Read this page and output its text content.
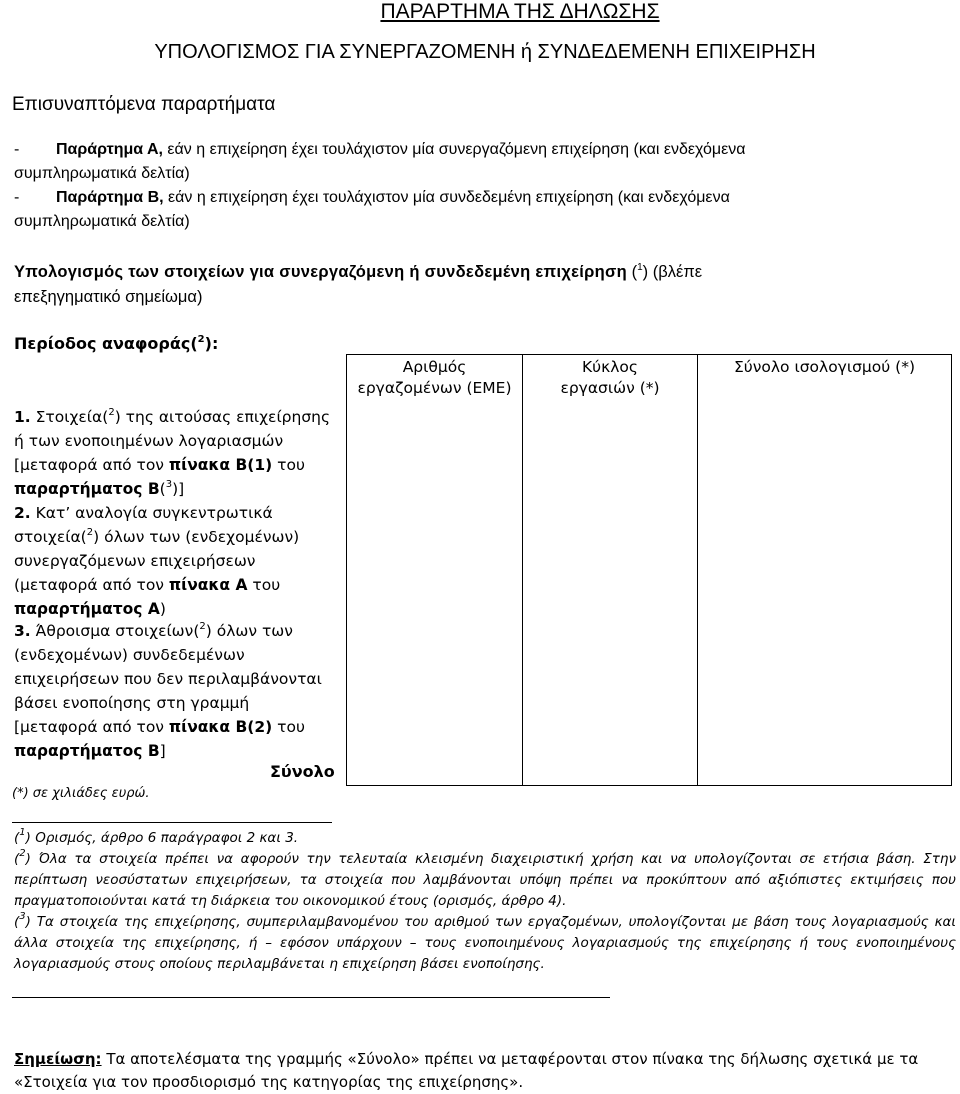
ΠΑΡΑΡΤΗΜΑ ΤΗΣ ΔΗΛΩΣΗΣ
ΥΠΟΛΟΓΙΣΜΟΣ ΓΙΑ ΣΥΝΕΡΓΑΖΟΜΕΝΗ ή ΣΥΝΔΕΔΕΜΕΝΗ ΕΠΙΧΕΙΡΗΣΗ
Επισυναπτόμενα παραρτήματα
- Παράρτημα Α, εάν η επιχείρηση έχει τουλάχιστον μία συνεργαζόμενη επιχείρηση (και ενδεχόμενα
συμπληρωματικά δελτία)
- Παράρτημα Β, εάν η επιχείρηση έχει τουλάχιστον μία συνδεδεμένη επιχείρηση (και ενδεχόμενα
συμπληρωματικά δελτία)
Υπολογισμός των στοιχείων για συνεργαζόμενη ή συνδεδεμένη επιχείρηση ($^1$) (βλέπε
επεξηγηματικό σημείωμα)
Περίοδος αναφοράς($^2$):
Αριθμός
εργαζομένων (ΕΜΕ)
Κύκλος
εργασιών (*)
Σύνολο ισολογισμού (*)
1. Στοιχεία($^2$) της αιτούσας επιχείρησης
ή των ενοποιημένων λογαριασμών
[μεταφορά από τον πίνακα Β(1) του
παραρτήματος Β($^3$)]
2. Κατ’ αναλογία συγκεντρωτικά
στοιχεία($^2$) όλων των (ενδεχομένων)
συνεργαζόμενων επιχειρήσεων
(μεταφορά από τον πίνακα Α του
παραρτήματος Α)
3. Άθροισμα στοιχείων($^2$) όλων των
(ενδεχομένων) συνδεδεμένων
επιχειρήσεων που δεν περιλαμβάνονται
βάσει ενοποίησης στη γραμμή
[μεταφορά από τον πίνακα Β(2) του
παραρτήματος Β]
Σύνολο
(*) σε χιλιάδες ευρώ.
($^1$) Ορισμός, άρθρο 6 παράγραφοι 2 και 3.
($^2$) Όλα τα στοιχεία πρέπει να αφορούν την τελευταία κλεισμένη διαχειριστική χρήση και να υπολογίζονται σε ετήσια βάση. Στην περίπτωση νεοσύστατων επιχειρήσεων, τα στοιχεία που λαμβάνονται υπόψη πρέπει να προκύπτουν από αξιόπιστες εκτιμήσεις που πραγματοποιούνται κατά τη διάρκεια του οικονομικού έτους (ορισμός, άρθρο 4).
($^3$) Τα στοιχεία της επιχείρησης, συμπεριλαμβανομένου του αριθμού των εργαζομένων, υπολογίζονται με βάση τους λογαριασμούς και άλλα στοιχεία της επιχείρησης, ή – εφόσον υπάρχουν – τους ενοποιημένους λογαριασμούς της επιχείρησης ή τους ενοποιημένους λογαριασμούς στους οποίους περιλαμβάνεται η επιχείρηση βάσει ενοποίησης.
Σημείωση: Τα αποτελέσματα της γραμμής «Σύνολο» πρέπει να μεταφέρονται στον πίνακα της δήλωσης σχετικά με τα «Στοιχεία για τον προσδιορισμό της κατηγορίας της επιχείρησης».
